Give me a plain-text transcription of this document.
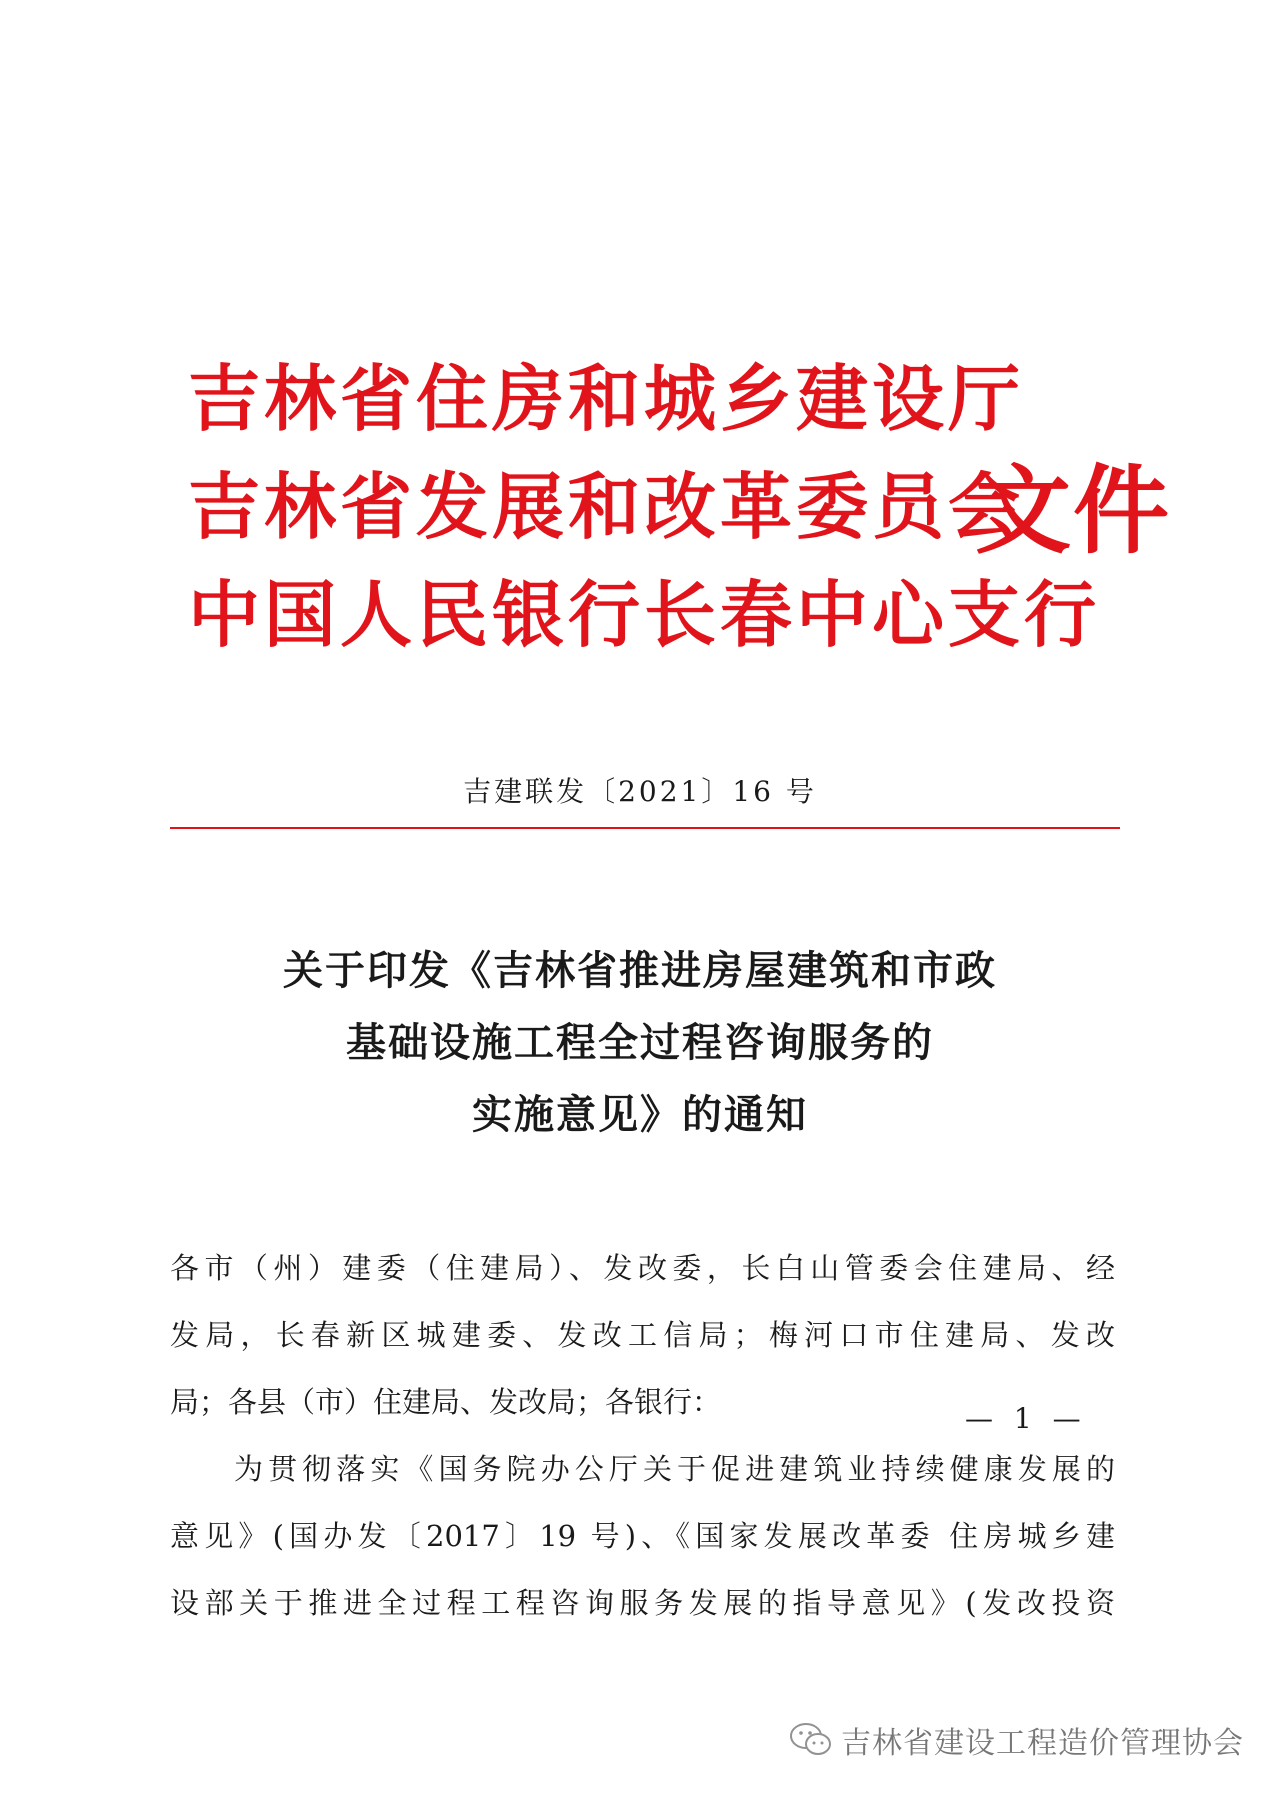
吉林省住房和城乡建设厅
吉林省发展和改革委员会
中国人民银行长春中心支行
文件
吉建联发〔2021〕16 号
关于印发《吉林省推进房屋建筑和市政
基础设施工程全过程咨询服务的
实施意见》的通知
各市（州）建委（住建局）、发改委，长白山管委会住建局、经
发局，长春新区城建委、发改工信局；梅河口市住建局、发改
局；各县（市）住建局、发改局；各银行：
为贯彻落实《国务院办公厅关于促进建筑业持续健康发展的
意见》(国办发〔2017〕19 号)、《国家发展改革委 住房城乡建
设部关于推进全过程工程咨询服务发展的指导意见》(发改投资
— 1 —
吉林省建设工程造价管理协会
